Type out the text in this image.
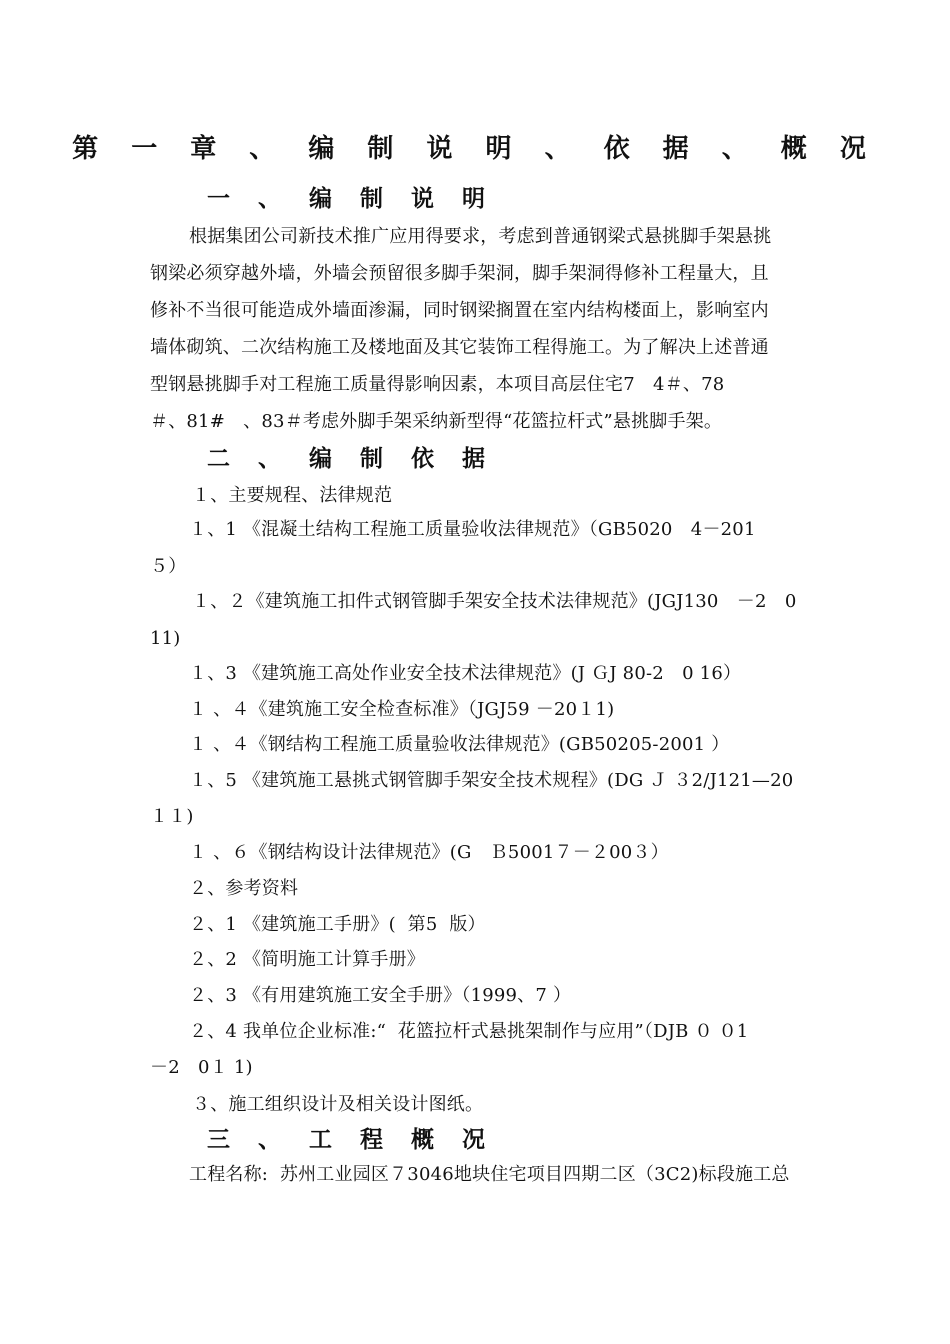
第 一 章 、 编 制 说 明 、 依 据 、 概 况
一 、 编 制 说 明
根据集团公司新技术推广应用得要求，考虑到普通钢梁式悬挑脚手架悬挑
钢梁必须穿越外墙，外墙会预留很多脚手架洞，脚手架洞得修补工程量大，且
修补不当很可能造成外墙面渗漏，同时钢梁搁置在室内结构楼面上，影响室内
墙体砌筑、二次结构施工及楼地面及其它装饰工程得施工。为了解决上述普通
型钢悬挑脚手对工程施工质量得影响因素，本项目高层住宅7　4＃、78
＃、81#　、83＃考虑外脚手架采纳新型得“花篮拉杆式”悬挑脚手架。
二 、 编 制 依 据
１、主要规程、法律规范
１、1 《混凝土结构工程施工质量验收法律规范》（GB5020　4－201
５）
１、２《建筑施工扣件式钢管脚手架安全技术法律规范》(JGJ130　－2　0
11)
１、3 《建筑施工高处作业安全技术法律规范》(J ＧJ 80-2　0 16）
１ 、４《建筑施工安全检查标准》（JGJ59 －20１1)
１ 、４《钢结构工程施工质量验收法律规范》(GB50205-2001 ）
１、5 《建筑施工悬挑式钢管脚手架安全技术规程》(DG Ｊ ３2/J121—20
１１)
１ 、６《钢结构设计法律规范》(G　Ｂ5001７－２00３）
２、参考资料
２、1 《建筑施工手册》(  第5  版）
２、2 《简明施工计算手册》
２、3 《有用建筑施工安全手册》（1999、7 ）
２、4 我单位企业标准:“  花篮拉杆式悬挑架制作与应用”（DJB ０ ０1
－2　0１ 1)
３、施工组织设计及相关设计图纸。
三 、 工 程 概 况
工程名称:  苏州工业园区７3046地块住宅项目四期二区（3C2)标段施工总
